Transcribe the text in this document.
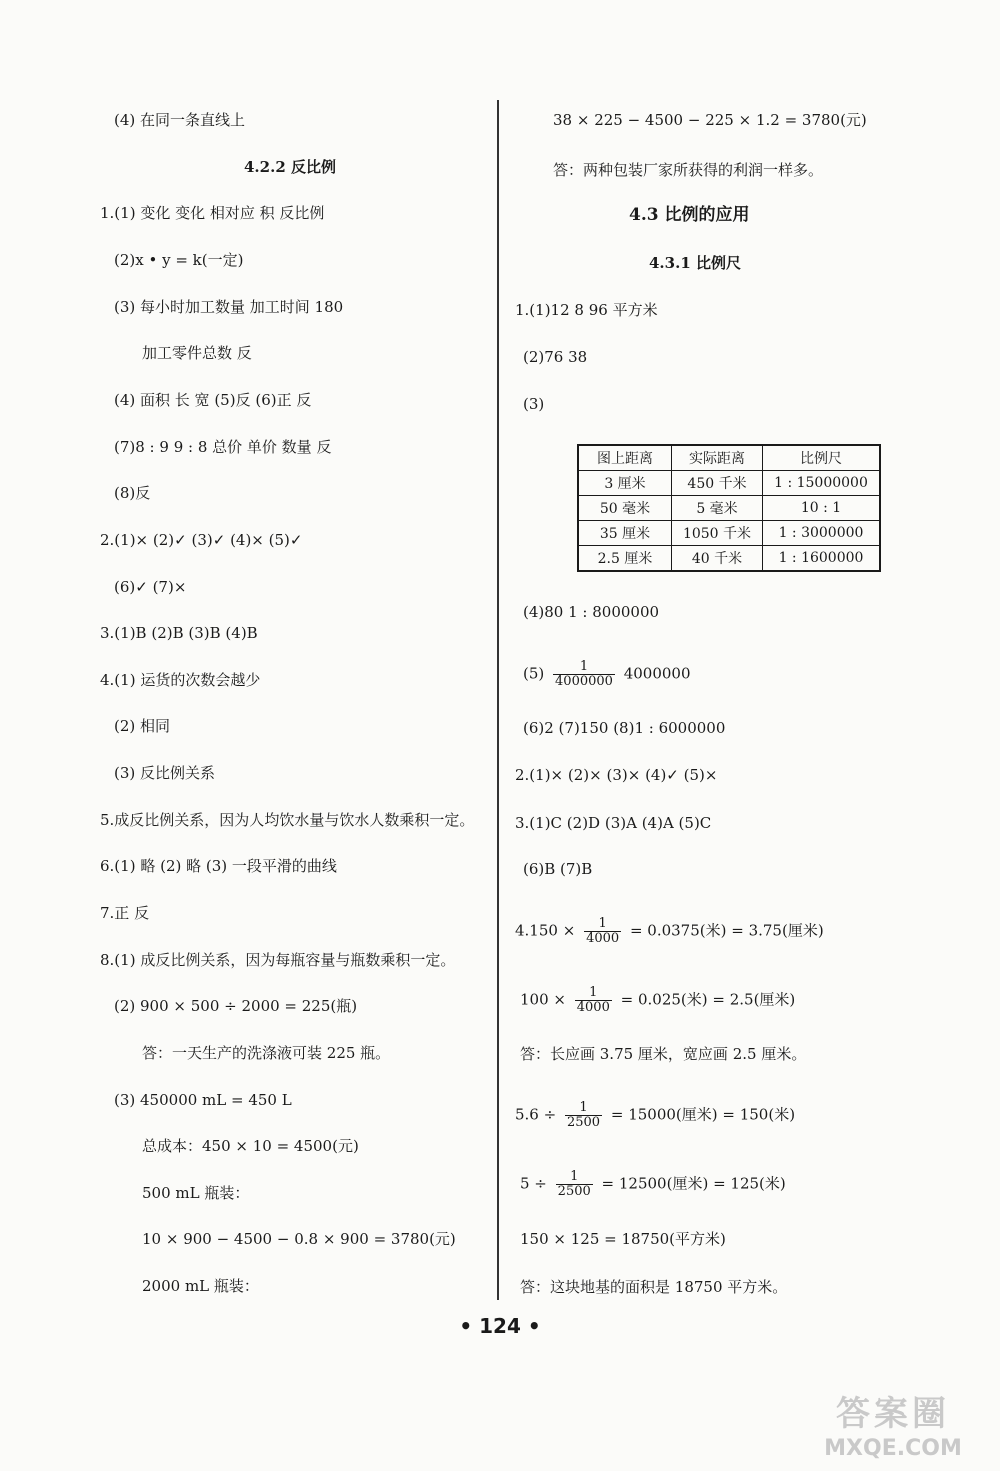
(4) 在同一条直线上
4.2.2 反比例
1.(1) 变化 变化 相对应 积 反比例
(2)x • y = k(一定)
(3) 每小时加工数量 加工时间 180
加工零件总数 反
(4) 面积 长 宽 (5)反 (6)正 反
(7)8 : 9 9 : 8 总价 单价 数量 反
(8)反
2.(1)× (2)✓ (3)✓ (4)× (5)✓
(6)✓ (7)×
3.(1)B (2)B (3)B (4)B
4.(1) 运货的次数会越少
(2) 相同
(3) 反比例关系
5.成反比例关系，因为人均饮水量与饮水人数乘积一定。
6.(1) 略 (2) 略 (3) 一段平滑的曲线
7.正 反
8.(1) 成反比例关系，因为每瓶容量与瓶数乘积一定。
(2) 900 × 500 ÷ 2000 = 225(瓶)
答：一天生产的洗涤液可装 225 瓶。
(3) 450000 mL = 450 L
总成本：450 × 10 = 4500(元)
500 mL 瓶装：
10 × 900 − 4500 − 0.8 × 900 = 3780(元)
2000 mL 瓶装：
38 × 225 − 4500 − 225 × 1.2 = 3780(元)
答：两种包装厂家所获得的利润一样多。
4.3 比例的应用
4.3.1 比例尺
1.(1)12 8 96 平方米
(2)76 38
(3)
图上距离	实际距离	比例尺
3 厘米	450 千米	1 : 15000000
50 毫米	5 毫米	10 : 1
35 厘米	1050 千米	1 : 3000000
2.5 厘米	40 千米	1 : 1600000
(4)80 1 : 8000000
$(5) \frac{1}{4000000} 4000000$
(6)2 (7)150 (8)1 : 6000000
2.(1)× (2)× (3)× (4)✓ (5)×
3.(1)C (2)D (3)A (4)A (5)C
(6)B (7)B
$4.150 \times \frac{1}{4000} = 0.0375$(米) = 3.75(厘米)
$100 \times \frac{1}{4000} = 0.025$(米) = 2.5(厘米)
答：长应画 3.75 厘米，宽应画 2.5 厘米。
$5.6 \div \frac{1}{2500} = 15000$(厘米) = 150(米)
$5 \div \frac{1}{2500} = 12500$(厘米) = 125(米)
150 × 125 = 18750(平方米)
答：这块地基的面积是 18750 平方米。
• 124 •
答案圈
MXQE.COM
